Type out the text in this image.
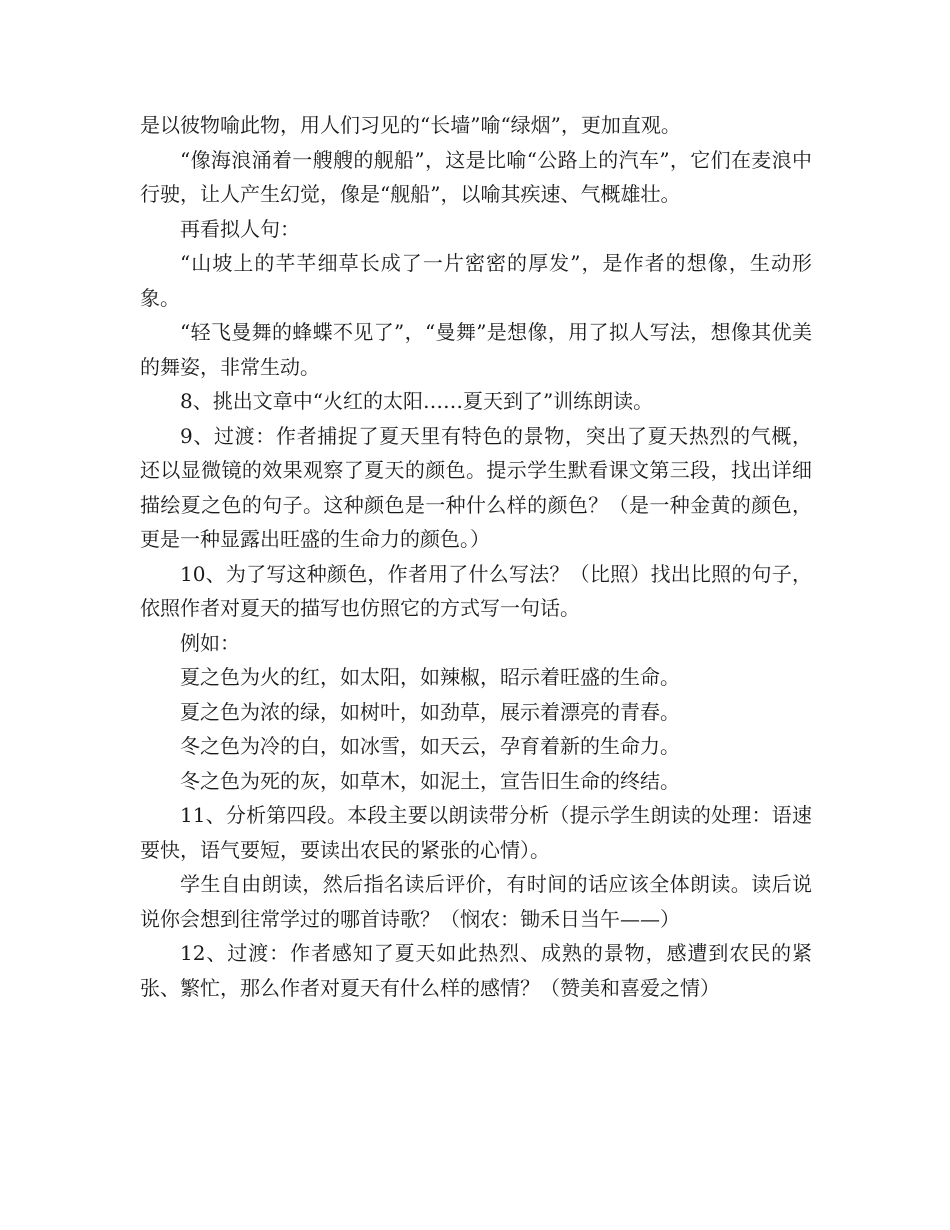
是以彼物喻此物，用人们习见的“长墙”喻“绿烟”，更加直观。

“像海浪涌着一艘艘的舰船”，这是比喻“公路上的汽车”，它们在麦浪中行驶，让人产生幻觉，像是“舰船”，以喻其疾速、气概雄壮。

再看拟人句：

“山坡上的芊芊细草长成了一片密密的厚发”，是作者的想像，生动形象。

“轻飞曼舞的蜂蝶不见了”，“曼舞”是想像，用了拟人写法，想像其优美的舞姿，非常生动。

8、挑出文章中“火红的太阳……夏天到了”训练朗读。

9、过渡：作者捕捉了夏天里有特色的景物，突出了夏天热烈的气概，还以显微镜的效果观察了夏天的颜色。提示学生默看课文第三段，找出详细描绘夏之色的句子。这种颜色是一种什么样的颜色？（是一种金黄的颜色，更是一种显露出旺盛的生命力的颜色。）

10、为了写这种颜色，作者用了什么写法？（比照）找出比照的句子，依照作者对夏天的描写也仿照它的方式写一句话。

例如：

夏之色为火的红，如太阳，如辣椒，昭示着旺盛的生命。

夏之色为浓的绿，如树叶，如劲草，展示着漂亮的青春。

冬之色为冷的白，如冰雪，如天云，孕育着新的生命力。

冬之色为死的灰，如草木，如泥土，宣告旧生命的终结。

11、分析第四段。本段主要以朗读带分析（提示学生朗读的处理：语速要快，语气要短，要读出农民的紧张的心情）。

学生自由朗读，然后指名读后评价，有时间的话应该全体朗读。读后说说你会想到往常学过的哪首诗歌？（悯农：锄禾日当午——）

12、过渡：作者感知了夏天如此热烈、成熟的景物，感遭到农民的紧张、繁忙，那么作者对夏天有什么样的感情？（赞美和喜爱之情）
